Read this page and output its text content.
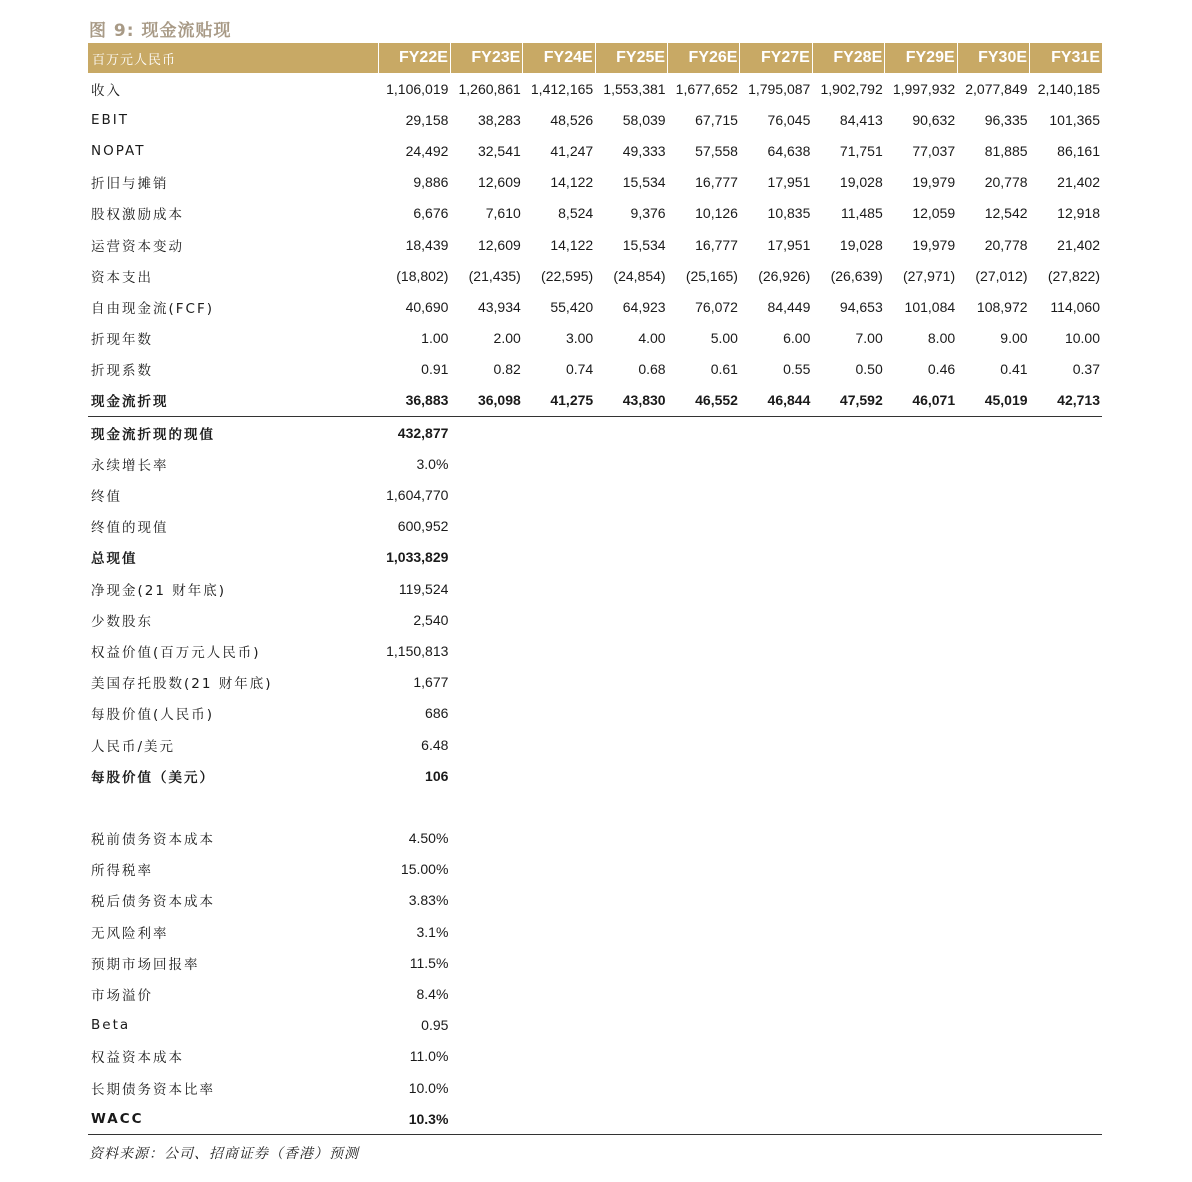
图 9: 现金流贴现
百万元人民币	FY22E	FY23E	FY24E	FY25E	FY26E	FY27E	FY28E	FY29E	FY30E	FY31E
收入	1,106,019	1,260,861	1,412,165	1,553,381	1,677,652	1,795,087	1,902,792	1,997,932	2,077,849	2,140,185
EBIT	29,158	38,283	48,526	58,039	67,715	76,045	84,413	90,632	96,335	101,365
NOPAT	24,492	32,541	41,247	49,333	57,558	64,638	71,751	77,037	81,885	86,161
折旧与摊销	9,886	12,609	14,122	15,534	16,777	17,951	19,028	19,979	20,778	21,402
股权激励成本	6,676	7,610	8,524	9,376	10,126	10,835	11,485	12,059	12,542	12,918
运营资本变动	18,439	12,609	14,122	15,534	16,777	17,951	19,028	19,979	20,778	21,402
资本支出	(18,802)	(21,435)	(22,595)	(24,854)	(25,165)	(26,926)	(26,639)	(27,971)	(27,012)	(27,822)
自由现金流(FCF)	40,690	43,934	55,420	64,923	76,072	84,449	94,653	101,084	108,972	114,060
折现年数	1.00	2.00	3.00	4.00	5.00	6.00	7.00	8.00	9.00	10.00
折现系数	0.91	0.82	0.74	0.68	0.61	0.55	0.50	0.46	0.41	0.37
现金流折现	36,883	36,098	41,275	43,830	46,552	46,844	47,592	46,071	45,019	42,713
现金流折现的现值	432,877									
永续增长率	3.0%									
终值	1,604,770									
终值的现值	600,952									
总现值	1,033,829									
净现金(21 财年底)	119,524									
少数股东	2,540									
权益价值(百万元人民币)	1,150,813									
美国存托股数(21 财年底)	1,677									
每股价值(人民币)	686									
人民币/美元	6.48									
每股价值（美元）	106									

税前债务资本成本	4.50%									
所得税率	15.00%									
税后债务资本成本	3.83%									
无风险利率	3.1%									
预期市场回报率	11.5%									
市场溢价	8.4%									
Beta	0.95									
权益资本成本	11.0%									
长期债务资本比率	10.0%									
WACC	10.3%									
资料来源：公司、招商证券（香港）预测
